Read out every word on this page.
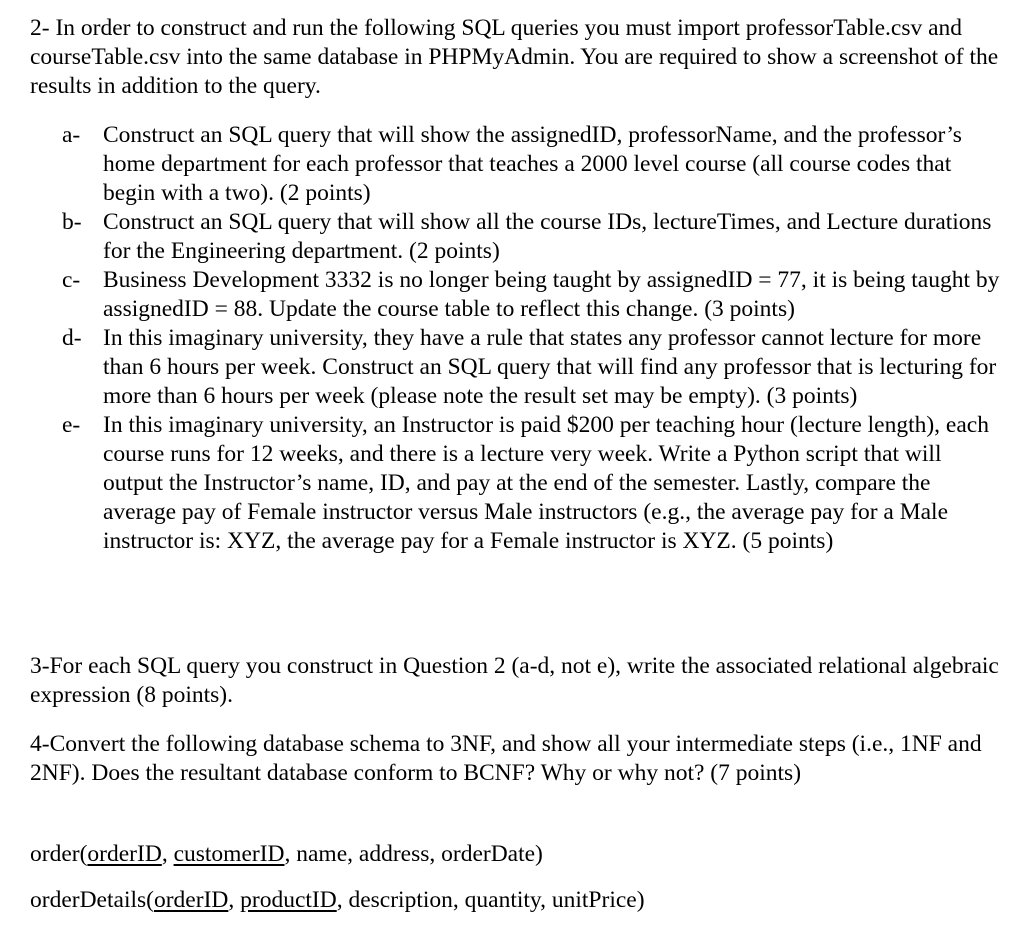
2- In order to construct and run the following SQL queries you must import professorTable.csv and courseTable.csv into the same database in PHPMyAdmin. You are required to show a screenshot of the results in addition to the query.
a- Construct an SQL query that will show the assignedID, professorName, and the professor’s home department for each professor that teaches a 2000 level course (all course codes that begin with a two). (2 points)
b- Construct an SQL query that will show all the course IDs, lectureTimes, and Lecture durations for the Engineering department. (2 points)
c- Business Development 3332 is no longer being taught by assignedID = 77, it is being taught by assignedID = 88. Update the course table to reflect this change. (3 points)
d- In this imaginary university, they have a rule that states any professor cannot lecture for more than 6 hours per week. Construct an SQL query that will find any professor that is lecturing for more than 6 hours per week (please note the result set may be empty). (3 points)
e- In this imaginary university, an Instructor is paid $200 per teaching hour (lecture length), each course runs for 12 weeks, and there is a lecture very week. Write a Python script that will output the Instructor’s name, ID, and pay at the end of the semester. Lastly, compare the average pay of Female instructor versus Male instructors (e.g., the average pay for a Male instructor is: XYZ, the average pay for a Female instructor is XYZ. (5 points)
3-For each SQL query you construct in Question 2 (a-d, not e), write the associated relational algebraic expression (8 points).
4-Convert the following database schema to 3NF, and show all your intermediate steps (i.e., 1NF and 2NF). Does the resultant database conform to BCNF? Why or why not? (7 points)
order(orderID, customerID, name, address, orderDate)
orderDetails(orderID, productID, description, quantity, unitPrice)
